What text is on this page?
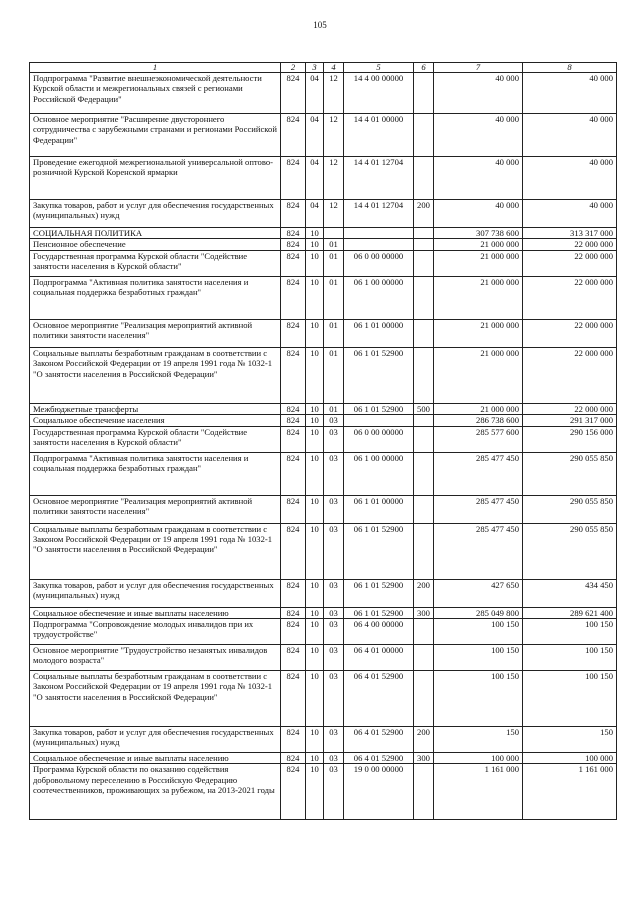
105
1	2	3	4	5	6	7	8
Подпрограмма "Развитие внешнеэкономической деятельности Курской области и межрегиональных связей с регионами Российской Федерации"	824	04	12	14 4 00 00000		40 000	40 000
Основное мероприятие "Расширение двустороннего сотрудничества с зарубежными странами и регионами Российской Федерации"	824	04	12	14 4 01 00000		40 000	40 000
Проведение ежегодной межрегиональной универсальной оптово-розничной Курской Коренской ярмарки	824	04	12	14 4 01 12704		40 000	40 000
Закупка товаров, работ и услуг для обеспечения государственных (муниципальных) нужд	824	04	12	14 4 01 12704	200	40 000	40 000
СОЦИАЛЬНАЯ ПОЛИТИКА	824	10				307 738 600	313 317 000
Пенсионное обеспечение	824	10	01			21 000 000	22 000 000
Государственная программа Курской области "Содействие занятости населения в Курской области"	824	10	01	06 0 00 00000		21 000 000	22 000 000
Подпрограмма "Активная политика занятости населения и социальная поддержка безработных граждан"	824	10	01	06 1 00 00000		21 000 000	22 000 000
Основное мероприятие "Реализация мероприятий активной политики занятости населения"	824	10	01	06 1 01 00000		21 000 000	22 000 000
Социальные выплаты безработным гражданам в соответствии с Законом Российской Федерации от 19 апреля 1991 года № 1032-1 "О занятости населения в Российской Федерации"	824	10	01	06 1 01 52900		21 000 000	22 000 000
Межбюджетные трансферты	824	10	01	06 1 01 52900	500	21 000 000	22 000 000
Социальное обеспечение населения	824	10	03			286 738 600	291 317 000
Государственная программа Курской области "Содействие занятости населения в Курской области"	824	10	03	06 0 00 00000		285 577 600	290 156 000
Подпрограмма "Активная политика занятости населения и социальная поддержка безработных граждан"	824	10	03	06 1 00 00000		285 477 450	290 055 850
Основное мероприятие "Реализация мероприятий активной политики занятости населения"	824	10	03	06 1 01 00000		285 477 450	290 055 850
Социальные выплаты безработным гражданам в соответствии с Законом Российской Федерации от 19 апреля 1991 года № 1032-1 "О занятости населения в Российской Федерации"	824	10	03	06 1 01 52900		285 477 450	290 055 850
Закупка товаров, работ и услуг для обеспечения государственных (муниципальных) нужд	824	10	03	06 1 01 52900	200	427 650	434 450
Социальное обеспечение и иные выплаты населению	824	10	03	06 1 01 52900	300	285 049 800	289 621 400
Подпрограмма "Сопровождение молодых инвалидов при их трудоустройстве"	824	10	03	06 4 00 00000		100 150	100 150
Основное мероприятие "Трудоустройство незанятых инвалидов молодого возраста"	824	10	03	06 4 01 00000		100 150	100 150
Социальные выплаты безработным гражданам в соответствии с Законом Российской Федерации от 19 апреля 1991 года № 1032-1 "О занятости населения в Российской Федерации"	824	10	03	06 4 01 52900		100 150	100 150
Закупка товаров, работ и услуг для обеспечения государственных (муниципальных) нужд	824	10	03	06 4 01 52900	200	150	150
Социальное обеспечение и иные выплаты населению	824	10	03	06 4 01 52900	300	100 000	100 000
Программа Курской области по оказанию содействия добровольному переселению в Российскую Федерацию соотечественников, проживающих за рубежом, на 2013-2021 годы	824	10	03	19 0 00 00000		1 161 000	1 161 000
